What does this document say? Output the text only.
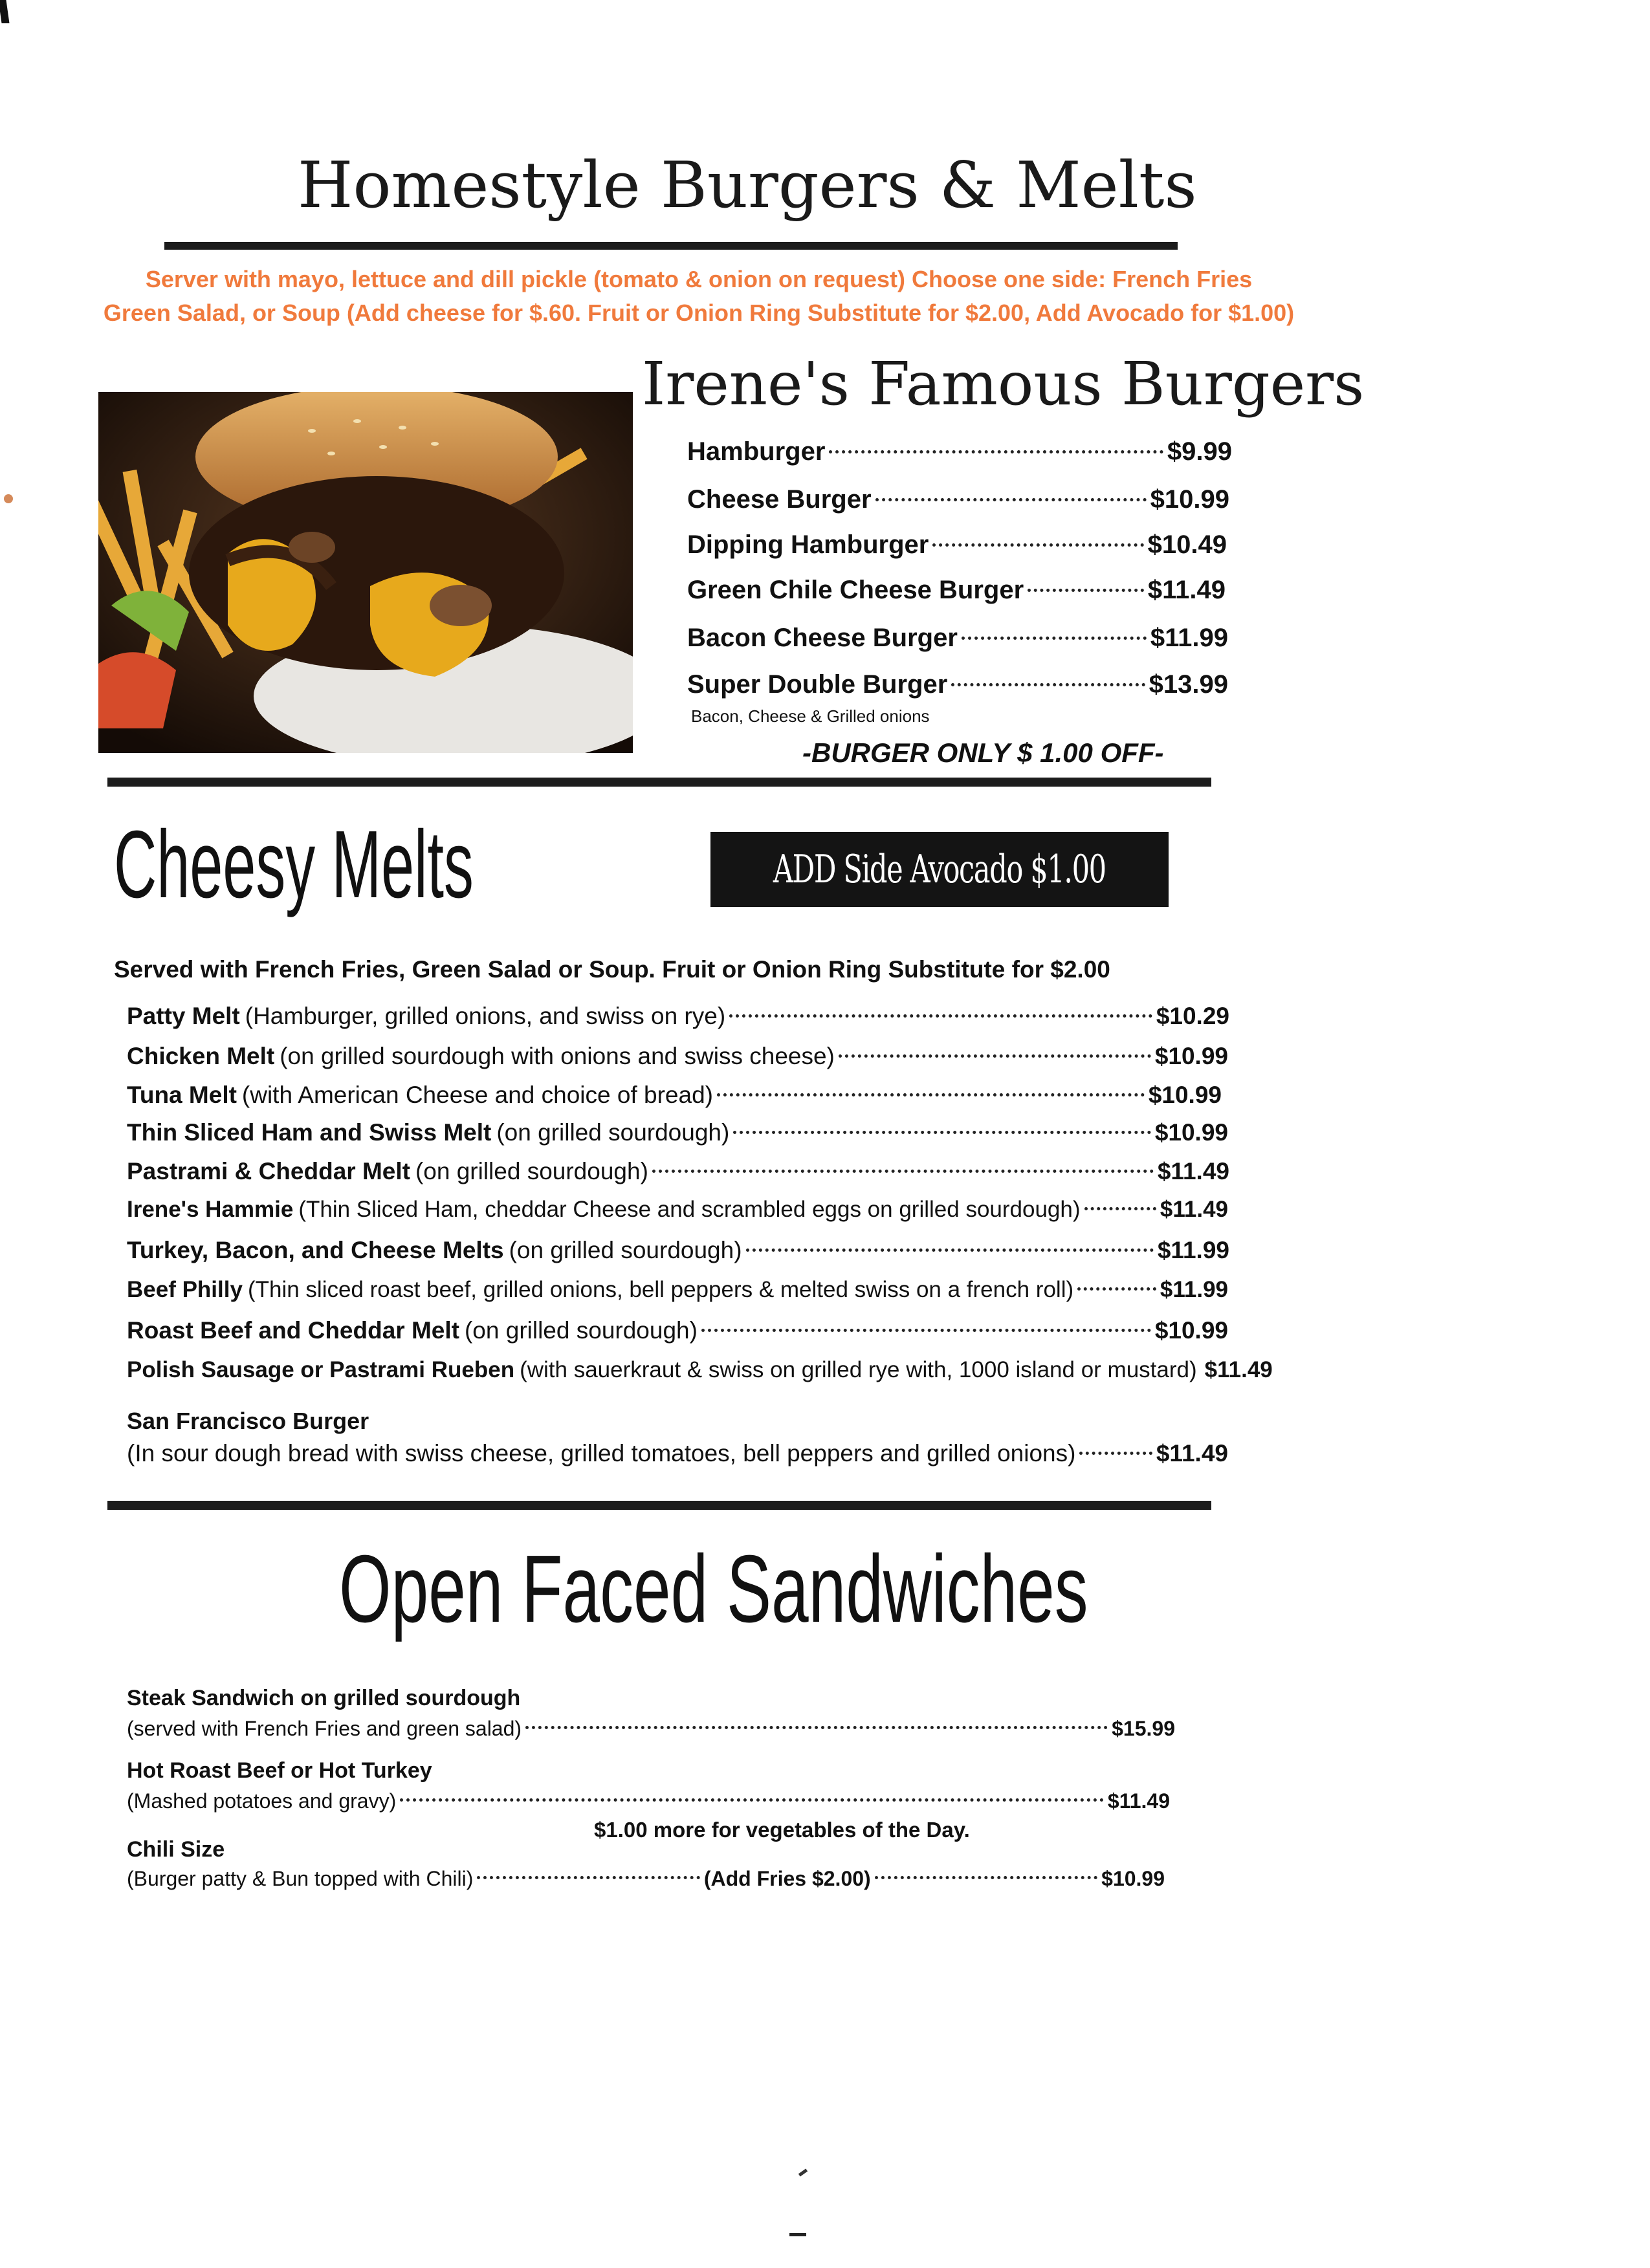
Homestyle Burgers & Melts
Server with mayo, lettuce and dill pickle (tomato & onion on request) Choose one side: French Fries
Green Salad, or Soup (Add cheese for $.60. Fruit or Onion Ring Substitute for $2.00, Add Avocado for $1.00)
Irene's Famous Burgers
Hamburger	$9.99
Cheese Burger	$10.99
Dipping Hamburger	$10.49
Green Chile Cheese Burger	$11.49
Bacon Cheese Burger	$11.99
Super Double Burger	$13.99
Bacon, Cheese & Grilled onions
-BURGER ONLY $ 1.00 OFF-
Cheesy Melts	ADD Side Avocado $1.00
Served with French Fries, Green Salad or Soup. Fruit or Onion Ring Substitute for $2.00
Patty Melt (Hamburger, grilled onions, and swiss on rye)	$10.29
Chicken Melt (on grilled sourdough with onions and swiss cheese)	$10.99
Tuna Melt (with American Cheese and choice of bread)	$10.99
Thin Sliced Ham and Swiss Melt (on grilled sourdough)	$10.99
Pastrami & Cheddar Melt (on grilled sourdough)	$11.49
Irene's Hammie (Thin Sliced Ham, cheddar Cheese and scrambled eggs on grilled sourdough)	$11.49
Turkey, Bacon, and Cheese Melts (on grilled sourdough)	$11.99
Beef Philly (Thin sliced roast beef, grilled onions, bell peppers & melted swiss on a french roll)	$11.99
Roast Beef and Cheddar Melt (on grilled sourdough)	$10.99
Polish Sausage or Pastrami Rueben (with sauerkraut & swiss on grilled rye with, 1000 island or mustard) $11.49
San Francisco Burger
(In sour dough bread with swiss cheese, grilled tomatoes, bell peppers and grilled onions)	$11.49
Open Faced Sandwiches
Steak Sandwich on grilled sourdough
(served with French Fries and green salad)	$15.99
Hot Roast Beef or Hot Turkey
(Mashed potatoes and gravy)	$11.49
$1.00 more for vegetables of the Day.
Chili Size
(Burger patty & Bun topped with Chili)	(Add Fries $2.00)	$10.99
